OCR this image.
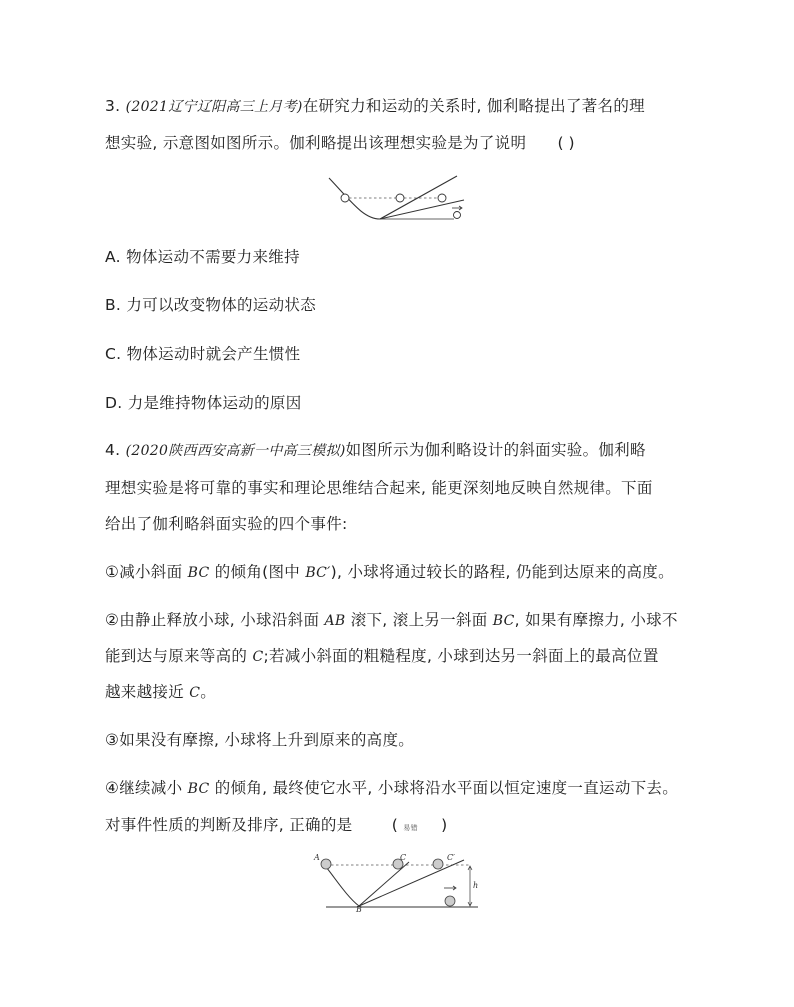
3. (2021辽宁辽阳高三上月考)在研究力和运动的关系时, 伽利略提出了著名的理
想实验, 示意图如图所示。伽利略提出该理想实验是为了说明 ( )
A. 物体运动不需要力来维持
B. 力可以改变物体的运动状态
C. 物体运动时就会产生惯性
D. 力是维持物体运动的原因
4. (2020陕西西安高新一中高三模拟)如图所示为伽利略设计的斜面实验。伽利略
理想实验是将可靠的事实和理论思维结合起来, 能更深刻地反映自然规律。下面
给出了伽利略斜面实验的四个事件:
①减小斜面 BC 的倾角(图中 BC′), 小球将通过较长的路程, 仍能到达原来的高度。
②由静止释放小球, 小球沿斜面 AB 滚下, 滚上另一斜面 BC, 如果有摩擦力, 小球不
能到达与原来等高的 C;若减小斜面的粗糙程度, 小球到达另一斜面上的最高位置
越来越接近 C。
③如果没有摩擦, 小球将上升到原来的高度。
④继续减小 BC 的倾角, 最终使它水平, 小球将沿水平面以恒定速度一直运动下去。
对事件性质的判断及排序, 正确的是	( 易错 )
A
B
C	C′
h
